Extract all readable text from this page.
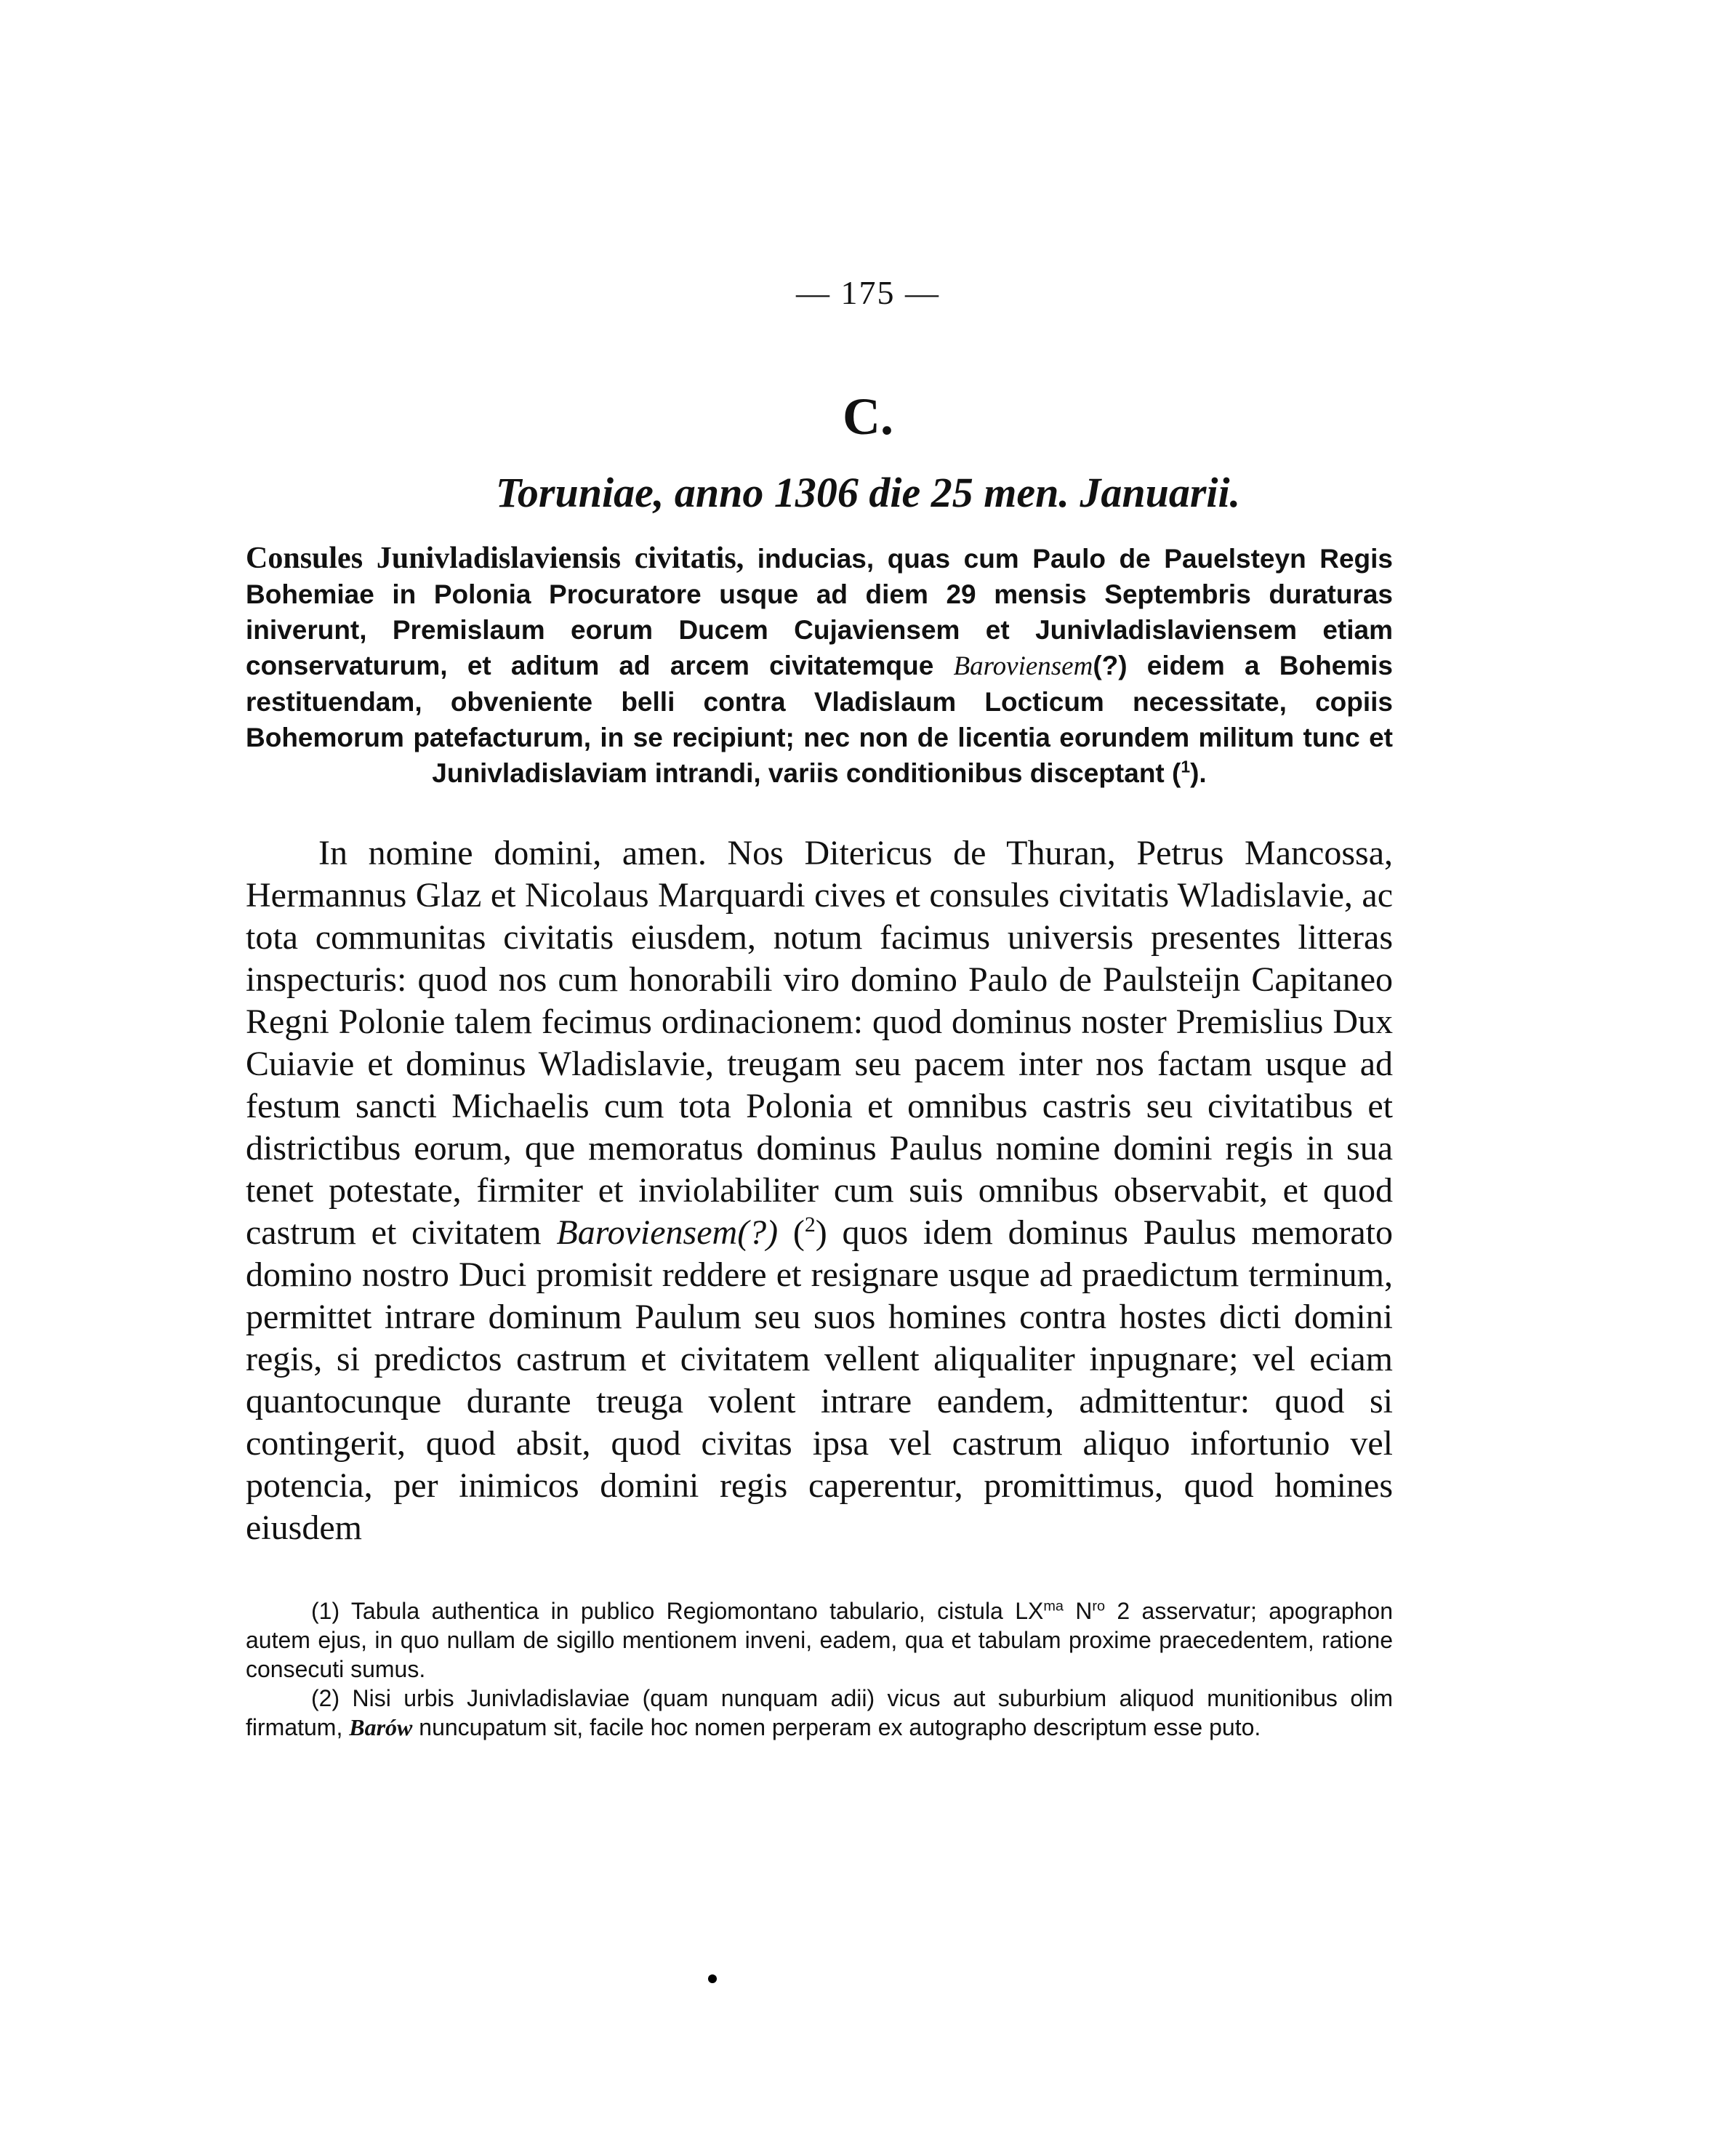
— 175 —
C.
Toruniae, anno 1306 die 25 men. Januarii.
Consules Junivladislaviensis civitatis, inducias, quas cum Paulo de Pauelsteyn Regis Bohemiae in Polonia Procuratore usque ad diem 29 mensis Septembris duraturas iniverunt, Premislaum eorum Ducem Cujaviensem et Junivladislaviensem etiam conservaturum, et aditum ad arcem civitatemque Baroviensem(?) eidem a Bohemis restituendam, obveniente belli contra Vladislaum Locticum necessitate, copiis Bohemorum patefacturum, in se recipiunt; nec non de licentia eorundem militum tunc et Junivladislaviam intrandi, variis conditionibus disceptant ($^1$).
In nomine domini, amen. Nos Ditericus de Thuran, Petrus Mancossa, Hermannus Glaz et Nicolaus Marquardi cives et consules civitatis Wladislavie, ac tota communitas civitatis eiusdem, notum facimus universis presentes litteras inspecturis: quod nos cum honorabili viro domino Paulo de Paulsteijn Capitaneo Regni Polonie talem fecimus ordinacionem: quod dominus noster Premislius Dux Cuiavie et dominus Wladislavie, treugam seu pacem inter nos factam usque ad festum sancti Michaelis cum tota Polonia et omnibus castris seu civitatibus et districtibus eorum, que memoratus dominus Paulus nomine domini regis in sua tenet potestate, firmiter et inviolabiliter cum suis omnibus observabit, et quod castrum et civitatem Baroviensem(?) ($^2$) quos idem dominus Paulus memorato domino nostro Duci promisit reddere et resignare usque ad praedictum terminum, permittet intrare dominum Paulum seu suos homines contra hostes dicti domini regis, si predictos castrum et civitatem vellent aliqualiter inpugnare; vel eciam quantocunque durante treuga volent intrare eandem, admittentur: quod si contingerit, quod absit, quod civitas ipsa vel castrum aliquo infortunio vel potencia, per inimicos domini regis caperentur, promittimus, quod homines eiusdem

(1) Tabula authentica in publico Regiomontano tabulario, cistula $LX^{ma}$ $N^{ro}$ 2 asservatur; apographon autem ejus, in quo nullam de sigillo mentionem inveni, eadem, qua et tabulam proxime praecedentem, ratione consecuti sumus.

(2) Nisi urbis Junivladislaviae (quam nunquam adii) vicus aut suburbium aliquod munitionibus olim firmatum, Barów nuncupatum sit, facile hoc nomen perperam ex autographo descriptum esse puto.
